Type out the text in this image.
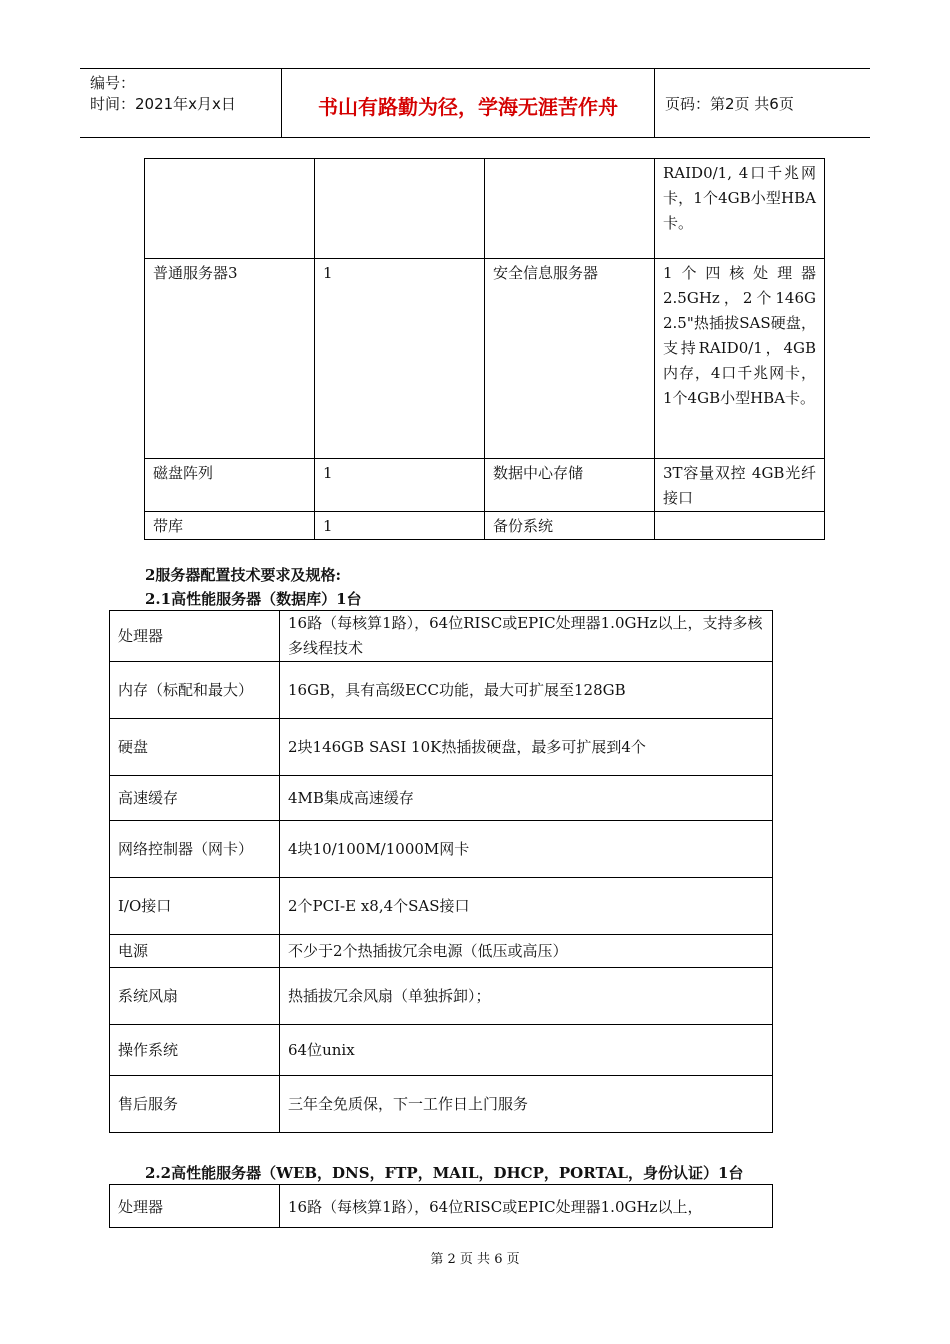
编号：
时间：2021年x月x日	书山有路勤为径，学海无涯苦作舟	页码：第2页 共6页
			RAID0/1, 4口千兆网卡，1个4GB小型HBA卡。
普通服务器3	1	安全信息服务器	1个四核处理器2.5GHz，2个146G 2.5"热插拔SAS硬盘，支持RAID0/1，4GB内存，4口千兆网卡，1个4GB小型HBA卡。
磁盘阵列	1	数据中心存储	3T容量双控 4GB光纤接口
带库	1	备份系统	
2服务器配置技术要求及规格:
2.1高性能服务器（数据库）1台
处理器	16路（每核算1路），64位RISC或EPIC处理器1.0GHz以上，支持多核多线程技术
内存（标配和最大）	16GB，具有高级ECC功能，最大可扩展至128GB
硬盘	2块146GB SASI 10K热插拔硬盘，最多可扩展到4个
高速缓存	4MB集成高速缓存
网络控制器（网卡）	4块10/100M/1000M网卡
I/O接口	2个PCI-E x8,4个SAS接口
电源	不少于2个热插拔冗余电源（低压或高压）
系统风扇	热插拔冗余风扇（单独拆卸）；
操作系统	64位unix
售后服务	三年全免质保，下一工作日上门服务
2.2高性能服务器（WEB，DNS，FTP，MAIL，DHCP，PORTAL，身份认证）1台
处理器	16路（每核算1路），64位RISC或EPIC处理器1.0GHz以上，
第 2 页 共 6 页
